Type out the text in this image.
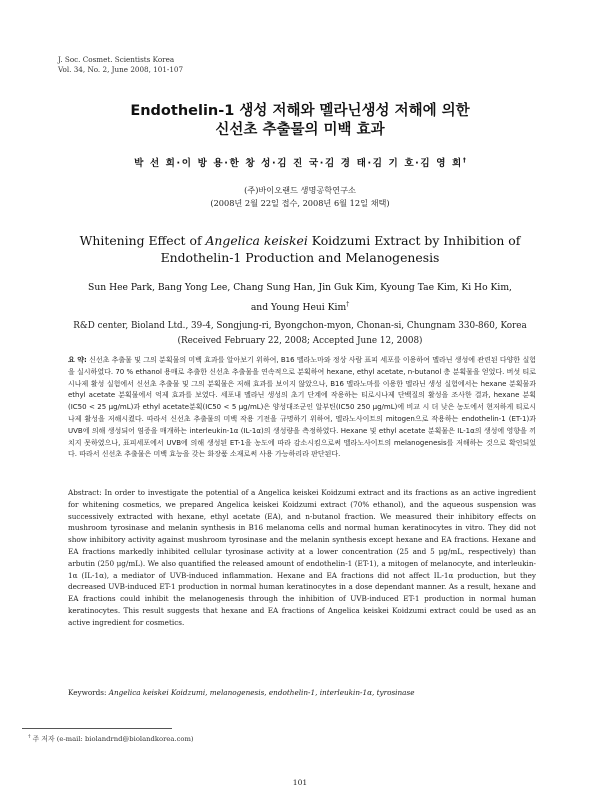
J. Soc. Cosmet. Scientists Korea
Vol. 34, No. 2, June 2008, 101-107
Endothelin-1 생성 저해와 멜라닌생성 저해에 의한
신선초 추출물의 미백 효과
박 선 희·이 방 용·한 창 성·김 진 국·김 경 태·김 기 호·김 영 희†
(주)바이오랜드 생명공학연구소
(2008년 2월 22일 접수, 2008년 6월 12일 채택)
Whitening Effect of Angelica keiskei Koidzumi Extract by Inhibition of
Endothelin-1 Production and Melanogenesis
Sun Hee Park, Bang Yong Lee, Chang Sung Han, Jin Guk Kim, Kyoung Tae Kim, Ki Ho Kim,
and Young Heui Kim†
R&D center, Bioland Ltd., 39-4, Songjung-ri, Byongchon-myon, Chonan-si, Chungnam 330-860, Korea
(Received February 22, 2008; Accepted June 12, 2008)
요 약: 신선초 추출물 및 그의 분획물의 미백 효과를 알아보기 위하여, B16 멜라노마와 정상 사람 표피 세포를 이용하여 멜라닌 생성에 관련된 다양한 실험을 실시하였다. 70 % ethanol 용매로 추출한 신선초 추출물을 연속적으로 분획하여 hexane, ethyl acetate, n-butanol 층 분획물을 얻었다. 버섯 티로시나제 활성 실험에서 신선초 추출물 및 그의 분획물은 저해 효과를 보이지 않았으나, B16 멜라노마를 이용한 멜라닌 생성 실험에서는 hexane 분획물과 ethyl acetate 분획물에서 억제 효과를 보였다. 세포내 멜라닌 생성의 초기 단계에 작용하는 티로시나제 단백질의 활성을 조사한 결과, hexane 분획(IC50 < 25 μg/mL)과 ethyl acetate분획(IC50 < 5 μg/mL)은 양성대조군인 알부틴(IC50 250 μg/mL)에 비교 시 더 낮은 농도에서 현저하게 티로시나제 활성을 저해시켰다. 따라서 신선초 추출물의 미백 작용 기전을 규명하기 위하여, 멜라노사이트의 mitogen으로 작용하는 endothelin-1 (ET-1)과 UVB에 의해 생성되어 염증을 매개하는 interleukin-1α (IL-1α)의 생성량을 측정하였다. Hexane 및 ethyl acetate 분획물은 IL-1α의 생성에 영향을 끼치지 못하였으나, 표피세포에서 UVB에 의해 생성된 ET-1을 농도에 따라 감소시킴으로써 멜라노사이트의 melanogenesis를 저해하는 것으로 확인되었다. 따라서 신선초 추출물은 미백 효능을 갖는 화장품 소재로써 사용 가능하리라 판단된다.
Abstract: In order to investigate the potential of a Angelica keiskei Koidzumi extract and its fractions as an active ingredient for whitening cosmetics, we prepared Angelica keiskei Koidzumi extract (70% ethanol), and the aqueous suspension was successively extracted with hexane, ethyl acetate (EA), and n-butanol fraction. We measured their inhibitory effects on mushroom tyrosinase and melanin synthesis in B16 melanoma cells and normal human keratinocytes in vitro. They did not show inhibitory activity against mushroom tyrosinase and the melanin synthesis except hexane and EA fractions. Hexane and EA fractions markedly inhibited cellular tyrosinase activity at a lower concentration (25 and 5 μg/mL, respectively) than arbutin (250 μg/mL). We also quantified the released amount of endothelin-1 (ET-1), a mitogen of melanocyte, and interleukin-1α (IL-1α), a mediator of UVB-induced inflammation. Hexane and EA fractions did not affect IL-1α production, but they decreased UVB-induced ET-1 production in normal human keratinocytes in a dose dependant manner. As a result, hexane and EA fractions could inhibit the melanogenesis through the inhibition of UVB-induced ET-1 production in normal human keratinocytes. This result suggests that hexane and EA fractions of Angelica keiskei Koidzumi extract could be used as an active ingredient for cosmetics.
Keywords: Angelica keiskei Koidzumi, melanogenesis, endothelin-1, interleukin-1α, tyrosinase
† 주 저자 (e-mail: biolandrnd@biolandkorea.com)
101
